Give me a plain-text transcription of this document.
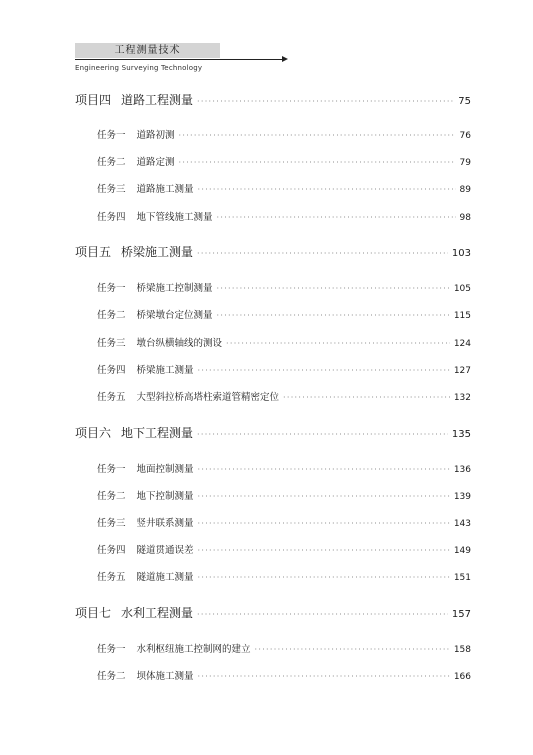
工程测量技术
Engineering Surveying Technology
项目四 道路工程测量 ·····	75
任务一 道路初测 ·····	76
任务二 道路定测 ·····	79
任务三 道路施工测量 ·····	89
任务四 地下管线施工测量 ·····	98
项目五 桥梁施工测量 ·····	103
任务一 桥梁施工控制测量 ·····	105
任务二 桥梁墩台定位测量 ·····	115
任务三 墩台纵横轴线的测设 ·····	124
任务四 桥梁施工测量 ·····	127
任务五 大型斜拉桥高塔柱索道管精密定位 ·····	132
项目六 地下工程测量 ·····	135
任务一 地面控制测量 ·····	136
任务二 地下控制测量 ·····	139
任务三 竖井联系测量 ·····	143
任务四 隧道贯通误差 ·····	149
任务五 隧道施工测量 ·····	151
项目七 水利工程测量 ·····	157
任务一 水利枢纽施工控制网的建立 ·····	158
任务二 坝体施工测量 ·····	166
